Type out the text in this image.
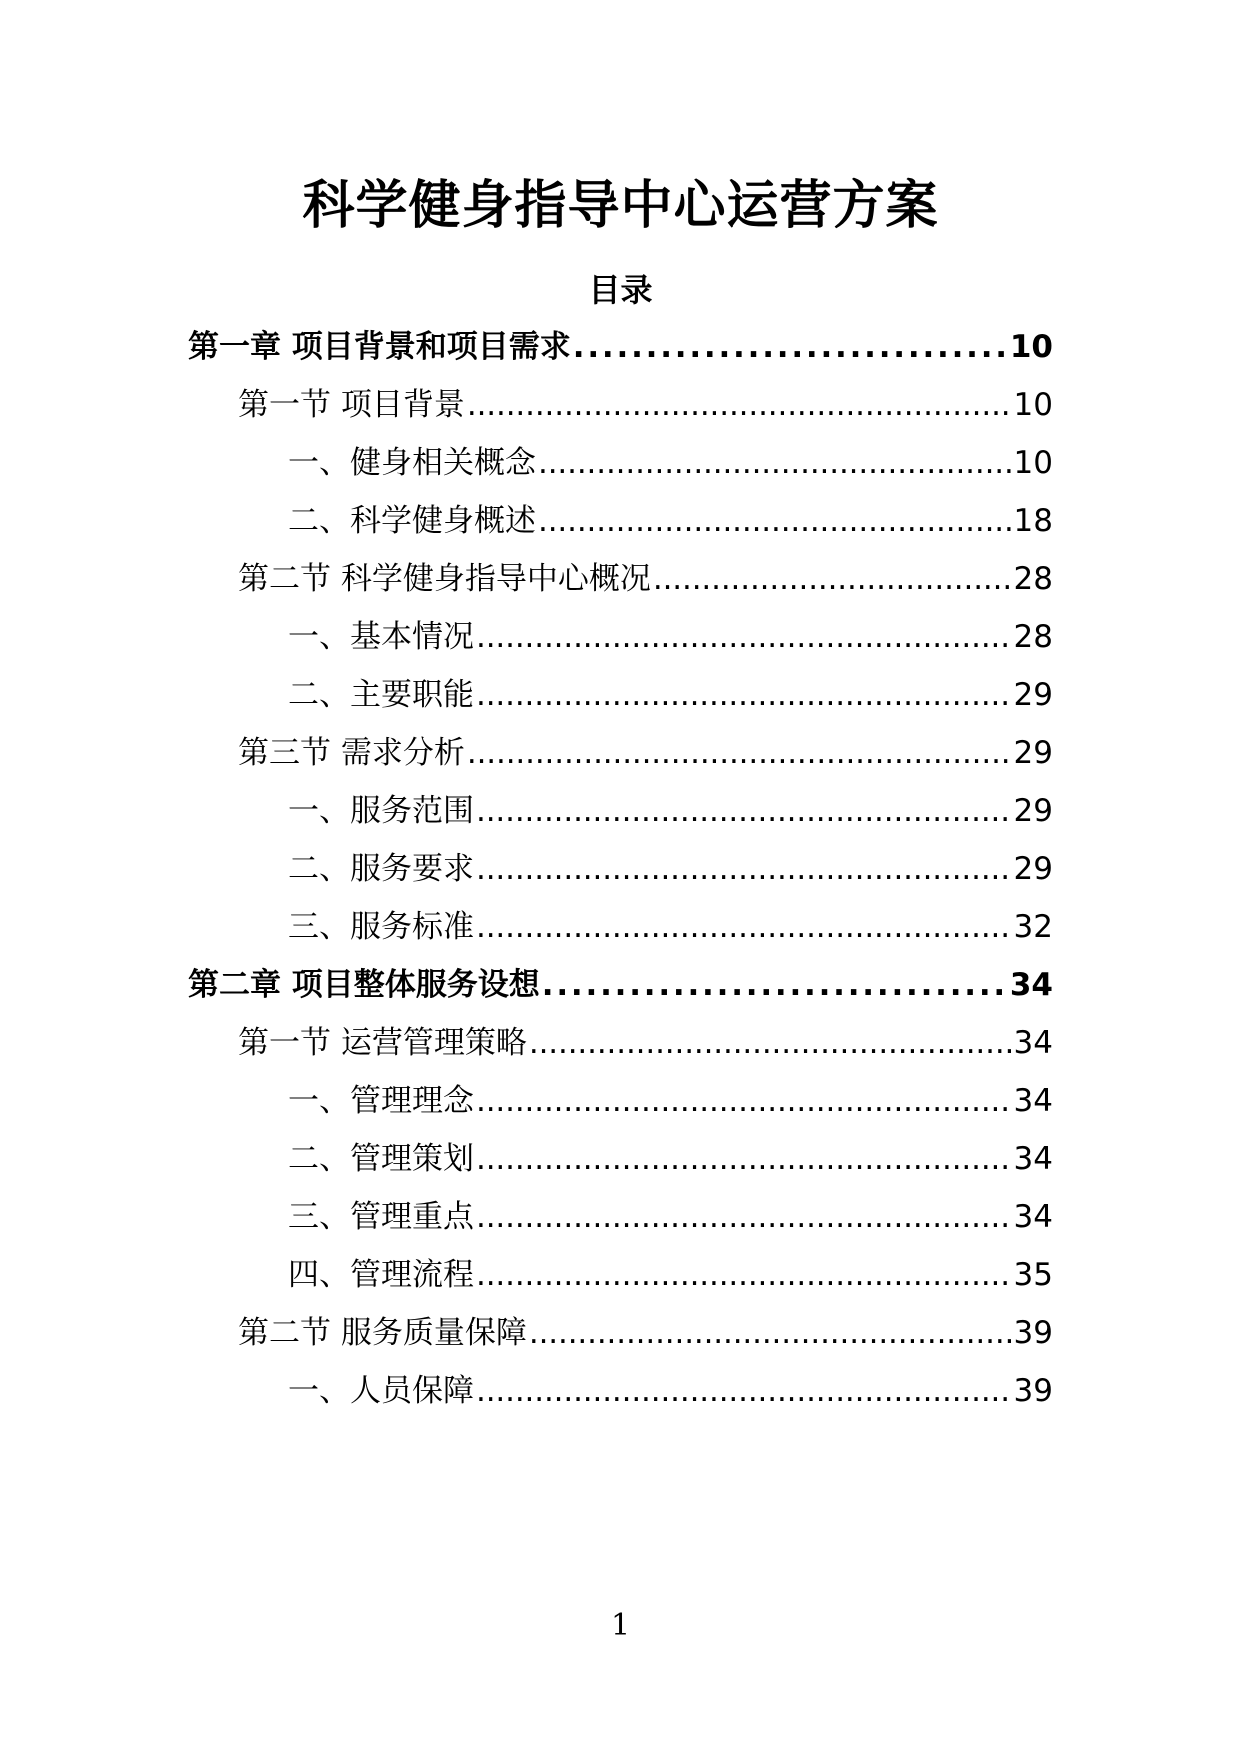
科学健身指导中心运营方案
目录
第一章 项目背景和项目需求 . . .	10
第一节 项目背景 . . .	10
一、健身相关概念 . . .	10
二、科学健身概述 . . .	18
第二节 科学健身指导中心概况 . . .	28
一、基本情况 . . .	28
二、主要职能 . . .	29
第三节 需求分析 . . .	29
一、服务范围 . . .	29
二、服务要求 . . .	29
三、服务标准 . . .	32
第二章 项目整体服务设想 . . .	34
第一节 运营管理策略 . . .	34
一、管理理念 . . .	34
二、管理策划 . . .	34
三、管理重点 . . .	34
四、管理流程 . . .	35
第二节 服务质量保障 . . .	39
一、人员保障 . . .	39
1
